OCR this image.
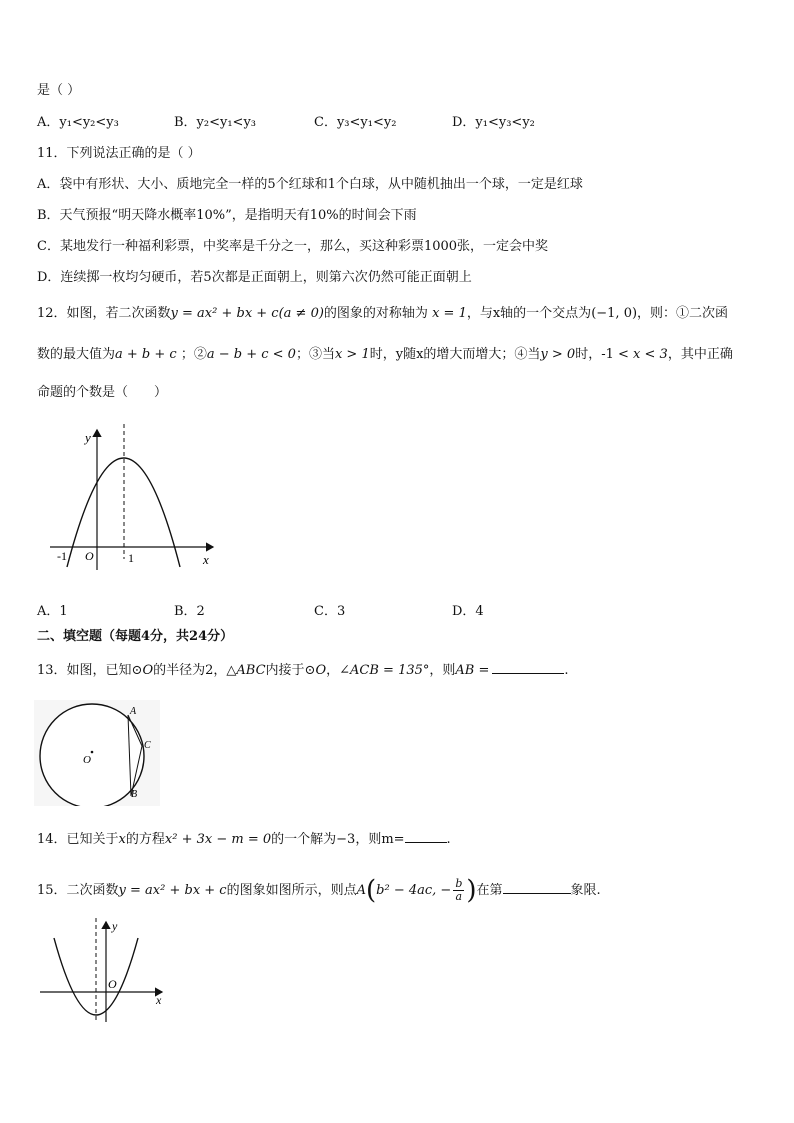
是（ ）
A．y₁<y₂<y₃	B．y₂<y₁<y₃	C．y₃<y₁<y₂	D．y₁<y₃<y₂
11．下列说法正确的是（ ）
A．袋中有形状、大小、质地完全一样的5个红球和1个白球，从中随机抽出一个球，一定是红球
B．天气预报“明天降水概率10%”，是指明天有10%的时间会下雨
C．某地发行一种福利彩票，中奖率是千分之一，那么，买这种彩票1000张，一定会中奖
D．连续掷一枚均匀硬币，若5次都是正面朝上，则第六次仍然可能正面朝上
12．如图，若二次函数y = ax² + bx + c(a ≠ 0)的图象的对称轴为 x = 1，与x轴的一个交点为(−1, 0)，则：①二次函
数的最大值为a + b + c ；②a − b + c < 0；③当x > 1时，y随x的增大而增大；④当y > 0时，-1 < x < 3，其中正确
命题的个数是（　　）
y
x
O
-1	1
A．1	B．2	C．3	D．4
二、填空题（每题4分，共24分）
13．如图，已知⊙O的半径为2，△ABC内接于⊙O，∠ACB = 135°，则AB =	.
A
B
C
O
14．已知关于x的方程x² + 3x − m = 0的一个解为−3，则m=	.
15．二次函数y = ax² + bx + c的图象如图所示，则点A(b² − 4ac, − $\frac{b}{a}$ )在第	象限.
y
x
O
